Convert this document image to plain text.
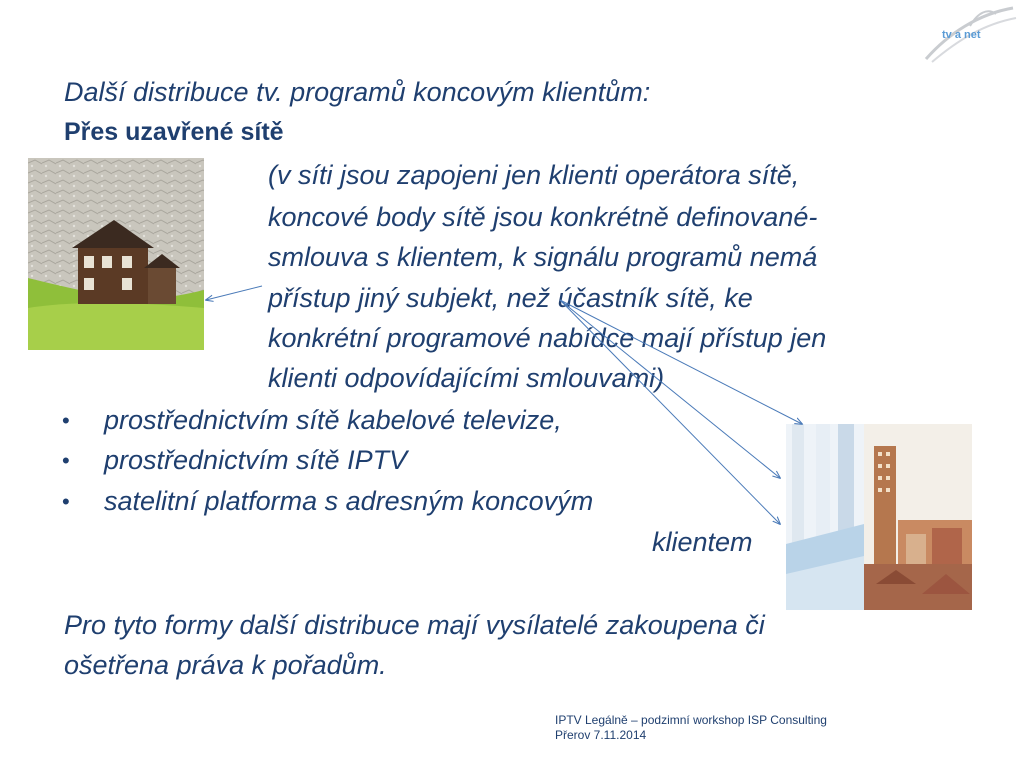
tv a net
Další distribuce tv. programů koncovým klientům:
Přes uzavřené sítě
(v síti jsou zapojeni jen klienti operátora sítě,
koncové body sítě jsou konkrétně definované-
smlouva s klientem, k signálu programů nemá
přístup jiný subjekt, než účastník sítě, ke
konkrétní programové nabídce mají přístup jen
klienti odpovídajícími smlouvami)
• prostřednictvím sítě kabelové televize,
• prostřednictvím sítě IPTV
• satelitní platforma s adresným koncovým
klientem
Pro tyto formy další distribuce mají vysílatelé zakoupena či
ošetřena práva k pořadům.
IPTV Legálně – podzimní workshop ISP Consulting
Přerov 7.11.2014
